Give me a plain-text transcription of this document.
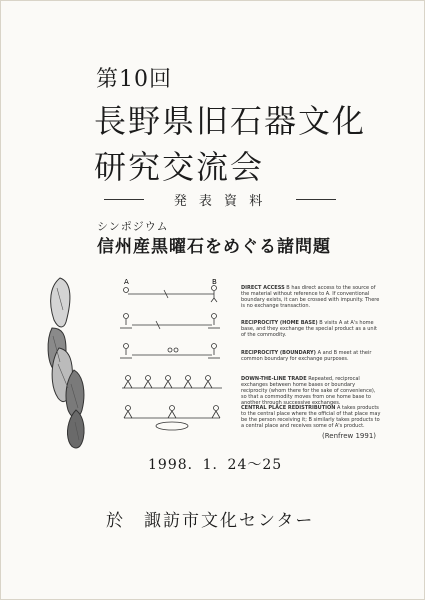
第10回
長野県旧石器文化
研究交流会
発 表 資 料
シンポジウム
信州産黒曜石をめぐる諸問題
A	B
DIRECT ACCESS B has direct access to the source of the material without reference to A. If conventional boundary exists, it can be crossed with impunity. There is no exchange transaction.
RECIPROCITY (HOME BASE) B visits A at A's home base, and they exchange the special product as a unit of the commodity.
RECIPROCITY (BOUNDARY) A and B meet at their common boundary for exchange purposes.
DOWN-THE-LINE TRADE Repeated, reciprocal exchanges between home bases or boundary reciprocity (whom there for the sake of convenience), so that a commodity moves from one home base to another through successive exchanges.
CENTRAL PLACE REDISTRIBUTION A takes products to the central place where the official of that place may be the person receiving it; B similarly takes products to a central place and receives some of A's product.
(Renfrew 1991)
1998．1．24～25
於　諏訪市文化センター
